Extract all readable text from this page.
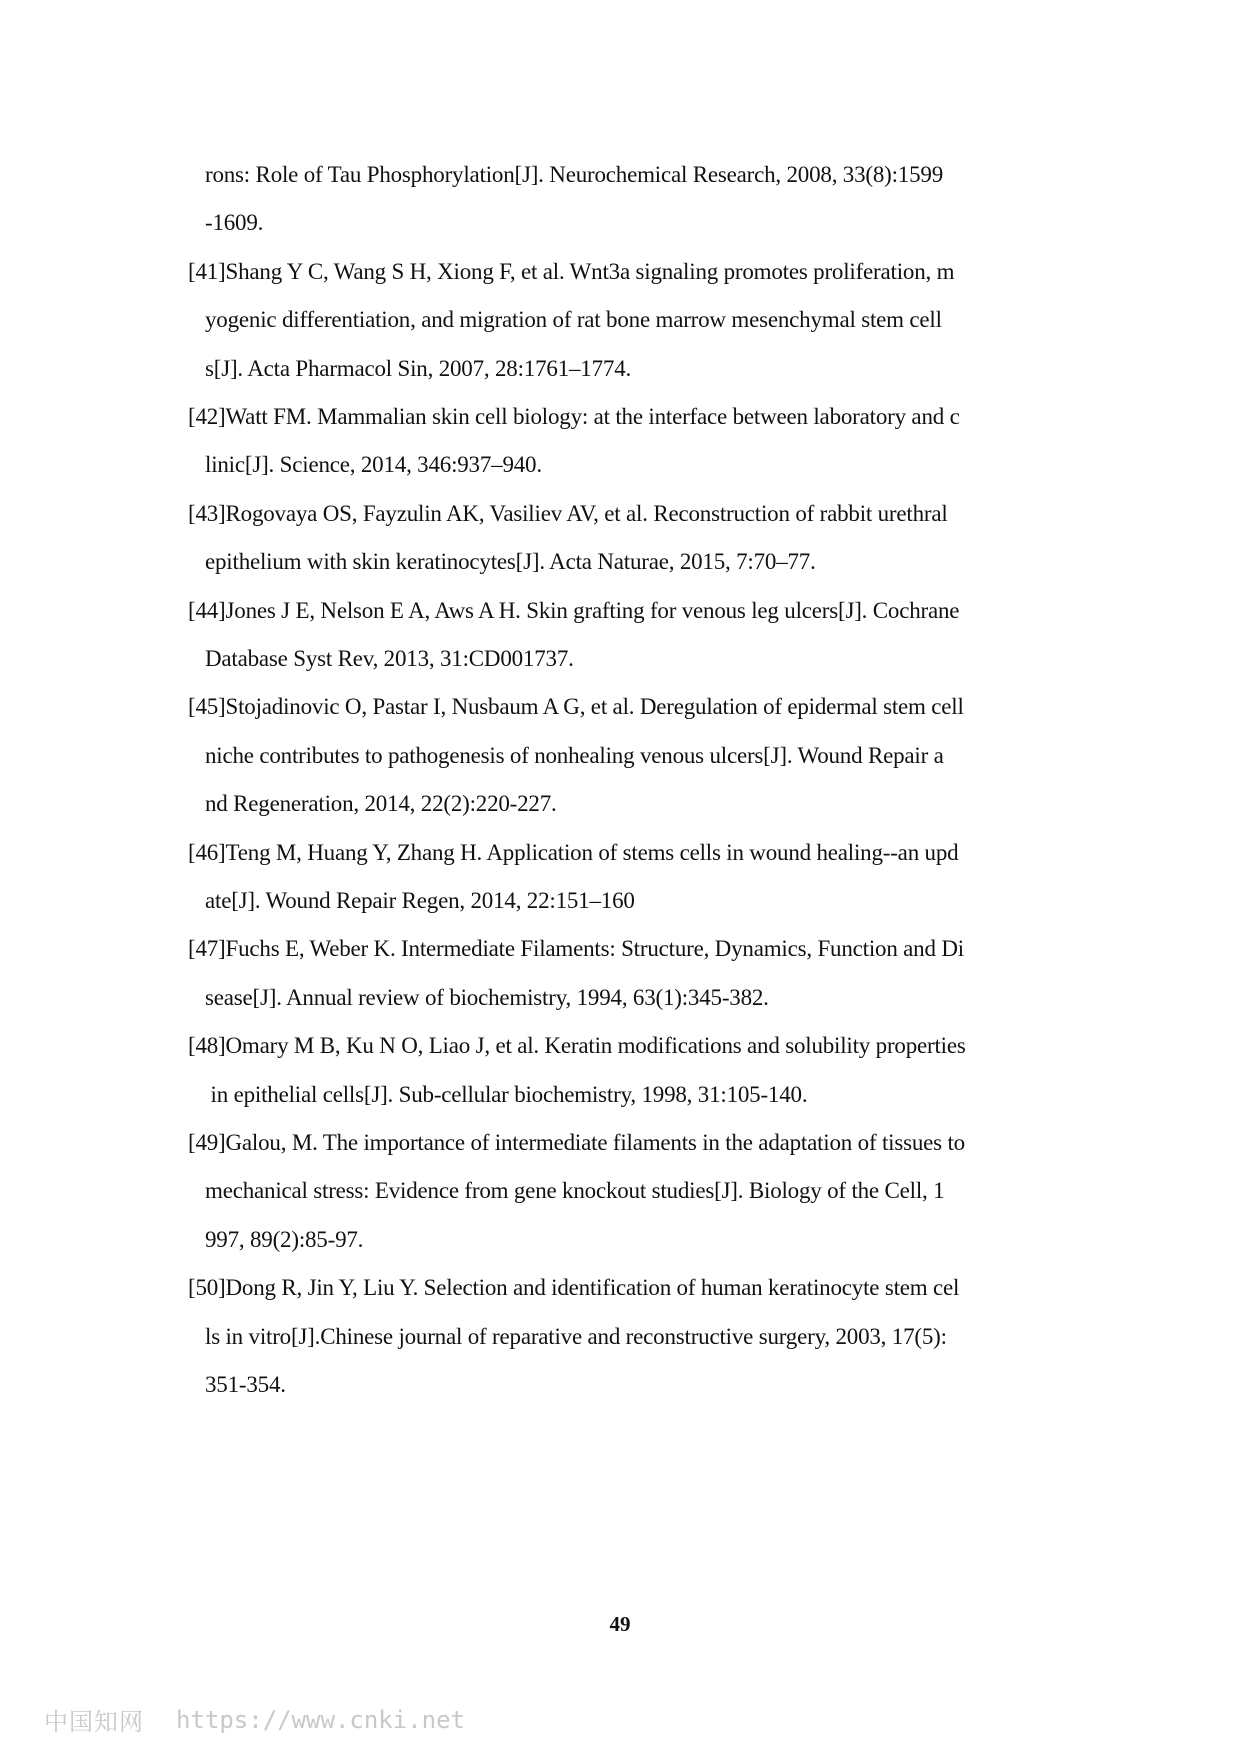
rons: Role of Tau Phosphorylation[J]. Neurochemical Research, 2008, 33(8):1599
-1609.
[41]Shang Y C, Wang S H, Xiong F, et al. Wnt3a signaling promotes proliferation, m
yogenic differentiation, and migration of rat bone marrow mesenchymal stem cell
s[J]. Acta Pharmacol Sin, 2007, 28:1761–1774.
[42]Watt FM. Mammalian skin cell biology: at the interface between laboratory and c
linic[J]. Science, 2014, 346:937–940.
[43]Rogovaya OS, Fayzulin AK, Vasiliev AV, et al. Reconstruction of rabbit urethral
epithelium with skin keratinocytes[J]. Acta Naturae, 2015, 7:70–77.
[44]Jones J E, Nelson E A, Aws A H. Skin grafting for venous leg ulcers[J]. Cochrane
Database Syst Rev, 2013, 31:CD001737.
[45]Stojadinovic O, Pastar I, Nusbaum A G, et al. Deregulation of epidermal stem cell
niche contributes to pathogenesis of nonhealing venous ulcers[J]. Wound Repair a
nd Regeneration, 2014, 22(2):220-227.
[46]Teng M, Huang Y, Zhang H. Application of stems cells in wound healing--an upd
ate[J]. Wound Repair Regen, 2014, 22:151–160
[47]Fuchs E, Weber K. Intermediate Filaments: Structure, Dynamics, Function and Di
sease[J]. Annual review of biochemistry, 1994, 63(1):345-382.
[48]Omary M B, Ku N O, Liao J, et al. Keratin modifications and solubility properties
in epithelial cells[J]. Sub-cellular biochemistry, 1998, 31:105-140.
[49]Galou, M. The importance of intermediate filaments in the adaptation of tissues to
mechanical stress: Evidence from gene knockout studies[J]. Biology of the Cell, 1
997, 89(2):85-97.
[50]Dong R, Jin Y, Liu Y. Selection and identification of human keratinocyte stem cel
ls in vitro[J].Chinese journal of reparative and reconstructive surgery, 2003, 17(5):
351-354.
49
中国知网 https://www.cnki.net
